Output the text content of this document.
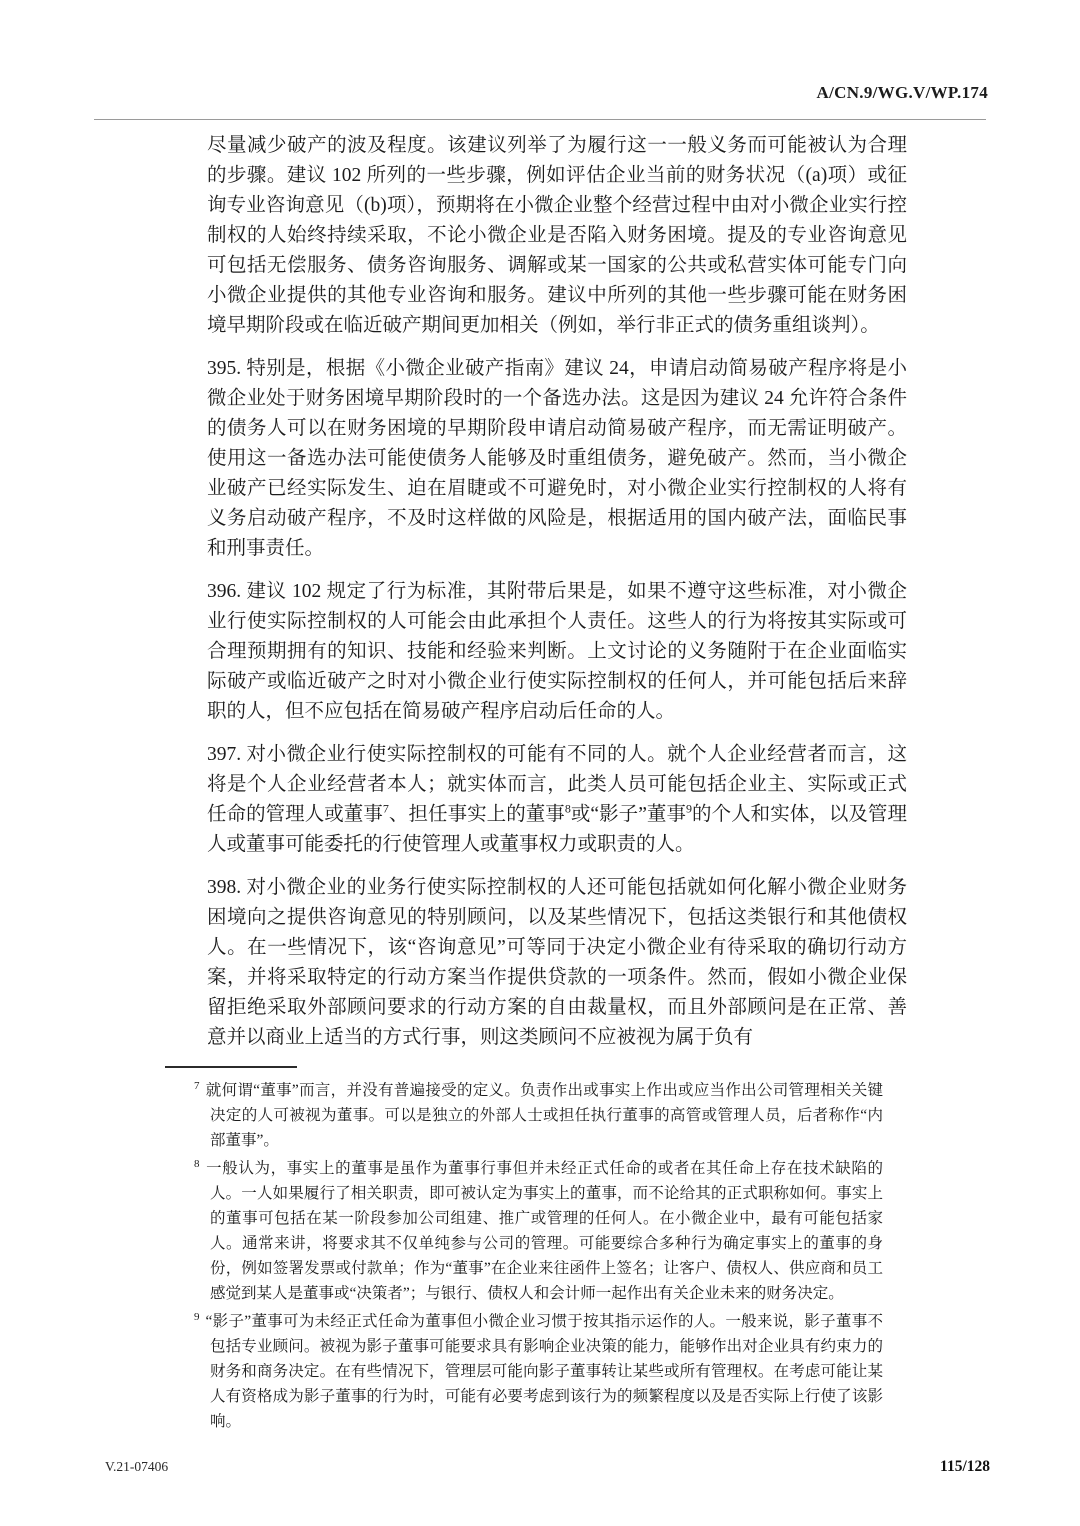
A/CN.9/WG.V/WP.174

尽量减少破产的波及程度。该建议列举了为履行这一一般义务而可能被认为合理的步骤。建议 102 所列的一些步骤，例如评估企业当前的财务状况（(a)项）或征询专业咨询意见（(b)项），预期将在小微企业整个经营过程中由对小微企业实行控制权的人始终持续采取，不论小微企业是否陷入财务困境。提及的专业咨询意见可包括无偿服务、债务咨询服务、调解或某一国家的公共或私营实体可能专门向小微企业提供的其他专业咨询和服务。建议中所列的其他一些步骤可能在财务困境早期阶段或在临近破产期间更加相关（例如，举行非正式的债务重组谈判）。

395. 特别是，根据《小微企业破产指南》建议 24，申请启动简易破产程序将是小微企业处于财务困境早期阶段时的一个备选办法。这是因为建议 24 允许符合条件的债务人可以在财务困境的早期阶段申请启动简易破产程序，而无需证明破产。使用这一备选办法可能使债务人能够及时重组债务，避免破产。然而，当小微企业破产已经实际发生、迫在眉睫或不可避免时，对小微企业实行控制权的人将有义务启动破产程序，不及时这样做的风险是，根据适用的国内破产法，面临民事和刑事责任。

396. 建议 102 规定了行为标准，其附带后果是，如果不遵守这些标准，对小微企业行使实际控制权的人可能会由此承担个人责任。这些人的行为将按其实际或可合理预期拥有的知识、技能和经验来判断。上文讨论的义务随附于在企业面临实际破产或临近破产之时对小微企业行使实际控制权的任何人，并可能包括后来辞职的人，但不应包括在简易破产程序启动后任命的人。

397. 对小微企业行使实际控制权的可能有不同的人。就个人企业经营者而言，这将是个人企业经营者本人；就实体而言，此类人员可能包括企业主、实际或正式任命的管理人或董事$^7$、担任事实上的董事$^8$或“影子”董事$^9$的个人和实体，以及管理人或董事可能委托的行使管理人或董事权力或职责的人。

398. 对小微企业的业务行使实际控制权的人还可能包括就如何化解小微企业财务困境向之提供咨询意见的特别顾问，以及某些情况下，包括这类银行和其他债权人。在一些情况下，该“咨询意见”可等同于决定小微企业有待采取的确切行动方案，并将采取特定的行动方案当作提供贷款的一项条件。然而，假如小微企业保留拒绝采取外部顾问要求的行动方案的自由裁量权，而且外部顾问是在正常、善意并以商业上适当的方式行事，则这类顾问不应被视为属于负有

$^7$ 就何谓“董事”而言，并没有普遍接受的定义。负责作出或事实上作出或应当作出公司管理相关关键决定的人可被视为董事。可以是独立的外部人士或担任执行董事的高管或管理人员，后者称作“内部董事”。
$^8$ 一般认为，事实上的董事是虽作为董事行事但并未经正式任命的或者在其任命上存在技术缺陷的人。一人如果履行了相关职责，即可被认定为事实上的董事，而不论给其的正式职称如何。事实上的董事可包括在某一阶段参加公司组建、推广或管理的任何人。在小微企业中，最有可能包括家人。通常来讲，将要求其不仅单纯参与公司的管理。可能要综合多种行为确定事实上的董事的身份，例如签署发票或付款单；作为“董事”在企业来往函件上签名；让客户、债权人、供应商和员工感觉到某人是董事或“决策者”；与银行、债权人和会计师一起作出有关企业未来的财务决定。
$^9$ “影子”董事可为未经正式任命为董事但小微企业习惯于按其指示运作的人。一般来说，影子董事不包括专业顾问。被视为影子董事可能要求具有影响企业决策的能力，能够作出对企业具有约束力的财务和商务决定。在有些情况下，管理层可能向影子董事转让某些或所有管理权。在考虑可能让某人有资格成为影子董事的行为时，可能有必要考虑到该行为的频繁程度以及是否实际上行使了该影响。
V.21-07406	115/128
